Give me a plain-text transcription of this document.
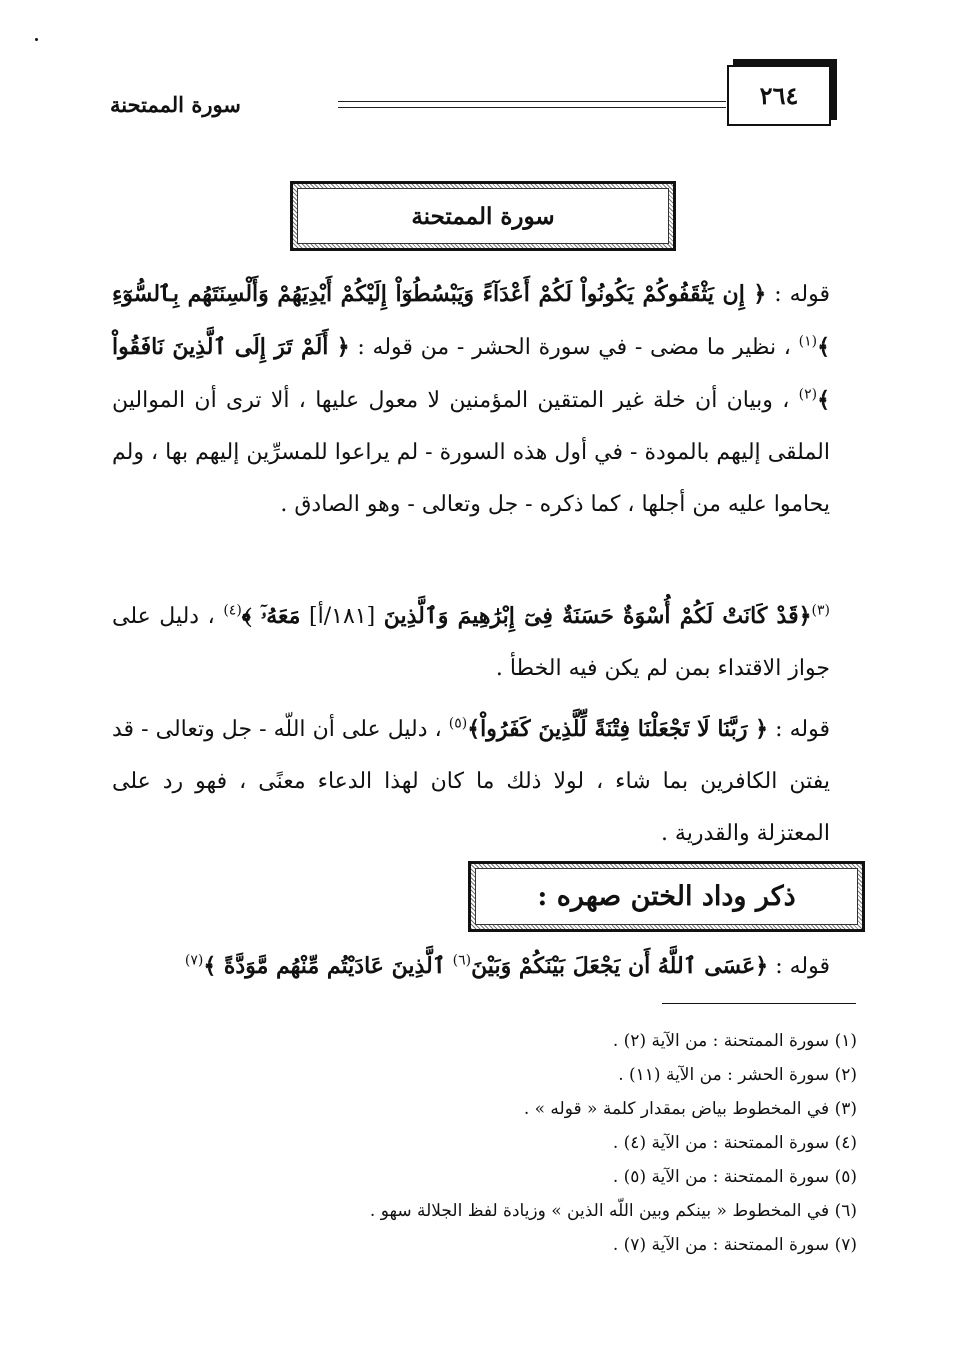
سورة الممتحنة	٢٦٤
سورة الممتحنة

قوله : ﴿ إِن يَثْقَفُوكُمْ يَكُونُواْ لَكُمْ أَعْدَآءً وَيَبْسُطُوٓاْ إِلَيْكُمْ أَيْدِيَهُمْ وَأَلْسِنَتَهُم بِٱلسُّوٓءِ ﴾$^{(١)}$ ، نظير ما مضى - في سورة الحشر - من قوله : ﴿ أَلَمْ تَرَ إِلَى ٱلَّذِينَ نَافَقُواْ ﴾$^{(٢)}$ ، وبيان أن خلة غير المتقين المؤمنين لا معول عليها ، ألا ترى أن الموالين الملقى إليهم بالمودة - في أول هذه السورة - لم يراعوا للمسرِّين إليهم بها ، ولم يحاموا عليه من أجلها ، كما ذكره - جل وتعالى - وهو الصادق .

$^{(٣)}$﴿قَدْ كَانَتْ لَكُمْ أُسْوَةٌ حَسَنَةٌ فِىٓ إِبْرَٰهِيمَ وَٱلَّذِينَ [١٨١/أ] مَعَهُۥٓ ﴾$^{(٤)}$ ، دليل على جواز الاقتداء بمن لم يكن فيه الخطأ .

قوله : ﴿ رَبَّنَا لَا تَجْعَلْنَا فِتْنَةً لِّلَّذِينَ كَفَرُواْ﴾$^{(٥)}$ ، دليل على أن اللّه - جل وتعالى - قد يفتن الكافرين بما شاء ، لولا ذلك ما كان لهذا الدعاء معنًى ، فهو رد على المعتزلة والقدرية .

ذكر وداد الختن صهره :

قوله : ﴿عَسَى ٱللَّهُ أَن يَجْعَلَ بَيْنَكُمْ وَبَيْنَ$^{(٦)}$ ٱلَّذِينَ عَادَيْتُم مِّنْهُم مَّوَدَّةً ﴾$^{(٧)}$

(١) سورة الممتحنة : من الآية (٢) .
(٢) سورة الحشر : من الآية (١١) .
(٣) في المخطوط بياض بمقدار كلمة « قوله » .
(٤) سورة الممتحنة : من الآية (٤) .
(٥) سورة الممتحنة : من الآية (٥) .
(٦) في المخطوط « بينكم وبين اللّه الذين » وزيادة لفظ الجلالة سهو .
(٧) سورة الممتحنة : من الآية (٧) .
